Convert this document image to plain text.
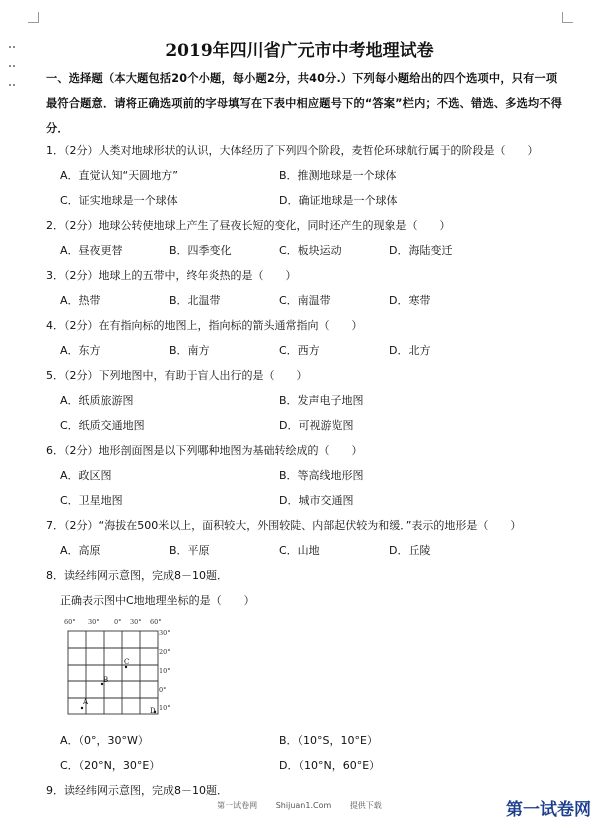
2019年四川省广元市中考地理试卷
一、选择题（本大题包括20个小题，每小题2分，共40分.）下列每小题给出的四个选项中，只有一项最符合题意．请将正确选项前的字母填写在下表中相应题号下的“答案”栏内；不选、错选、多选均不得分．
1．（2分）人类对地球形状的认识，大体经历了下列四个阶段，麦哲伦环球航行属于的阶段是（　　）
A．直觉认知“天圆地方”	B．推测地球是一个球体
C．证实地球是一个球体	D．确证地球是一个球体
2．（2分）地球公转使地球上产生了昼夜长短的变化，同时还产生的现象是（　　）
A．昼夜更替	B．四季变化	C．板块运动	D．海陆变迁
3．（2分）地球上的五带中，终年炎热的是（　　）
A．热带	B．北温带	C．南温带	D．寒带
4．（2分）在有指向标的地图上，指向标的箭头通常指向（　　）
A．东方	B．南方	C．西方	D．北方
5．（2分）下列地图中，有助于盲人出行的是（　　）
A．纸质旅游图	B．发声电子地图
C．纸质交通地图	D．可视游览图
6．（2分）地形剖面图是以下列哪种地图为基础转绘成的（　　）
A．政区图	B．等高线地形图
C．卫星地图	D．城市交通图
7．（2分）“海拔在500米以上，面积较大，外围较陡、内部起伏较为和缓．”表示的地形是（　　）
A．高原	B．平原	C．山地	D．丘陵
8．读经纬网示意图，完成8－10题．
正确表示图中C地地理坐标的是（　　）
60° 30° 0° 30° 60°
30°
20°
10°
0°
10°
A
B
C
D
A．（0°，30°W）	B．（10°S，10°E）
C．（20°N，30°E）	D．（10°N，60°E）
9．读经纬网示意图，完成8－10题．
第一试卷网 Shijuan1.Com 提供下载	第一试卷网
